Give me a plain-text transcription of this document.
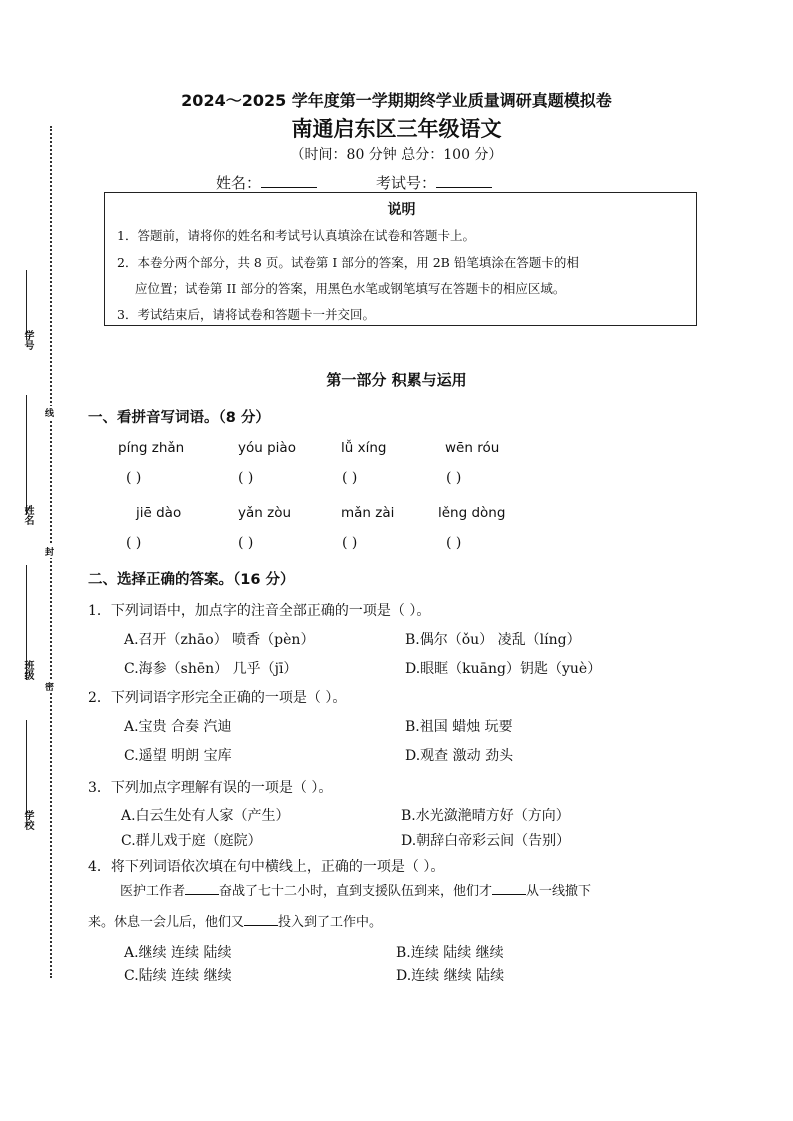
学号
姓名
班级
学校
线
封
密
2024～2025 学年度第一学期期终学业质量调研真题模拟卷
南通启东区三年级语文
（时间：80 分钟 总分：100 分）
姓名：	考试号：
说明
1．答题前，请将你的姓名和考试号认真填涂在试卷和答题卡上。
2．本卷分两个部分，共 8 页。试卷第 I 部分的答案，用 2B 铅笔填涂在答题卡的相
应位置；试卷第 II 部分的答案，用黑色水笔或钢笔填写在答题卡的相应区域。
3．考试结束后，请将试卷和答题卡一并交回。
第一部分 积累与运用
一、看拼音写词语。（8 分）
píng zhǎn	yóu piào	lǚ xíng	wēn róu
( )	( )	( )	( )
jiē dào	yǎn zòu	mǎn zài	lěng dòng
( )	( )	( )	( )
二、选择正确的答案。（16 分）
1．下列词语中，加点字的注音全部正确的一项是（ ）。
A.召开（zhāo） 喷香（pèn）	B.偶尔（ǒu） 凌乱（líng）
C.海参（shēn） 几乎（jī）	D.眼眶（kuāng）钥匙（yuè）
2．下列词语字形完全正确的一项是（ ）。
A.宝贵 合奏 汽迪	B.祖国 蜡烛 玩要
C.遥望 明朗 宝库	D.观查 激动 劲头
3．下列加点字理解有误的一项是（ ）。
A.白云生处有人家（产生）	B.水光潋滟晴方好（方向）
C.群儿戏于庭（庭院）	D.朝辞白帝彩云间（告别）
4．将下列词语依次填在句中横线上，正确的一项是（ ）。
医护工作者	奋战了七十二小时，直到支援队伍到来，他们才	从一线撤下
来。休息一会儿后，他们又	投入到了工作中。
A.继续 连续 陆续	B.连续 陆续 继续
C.陆续 连续 继续	D.连续 继续 陆续
